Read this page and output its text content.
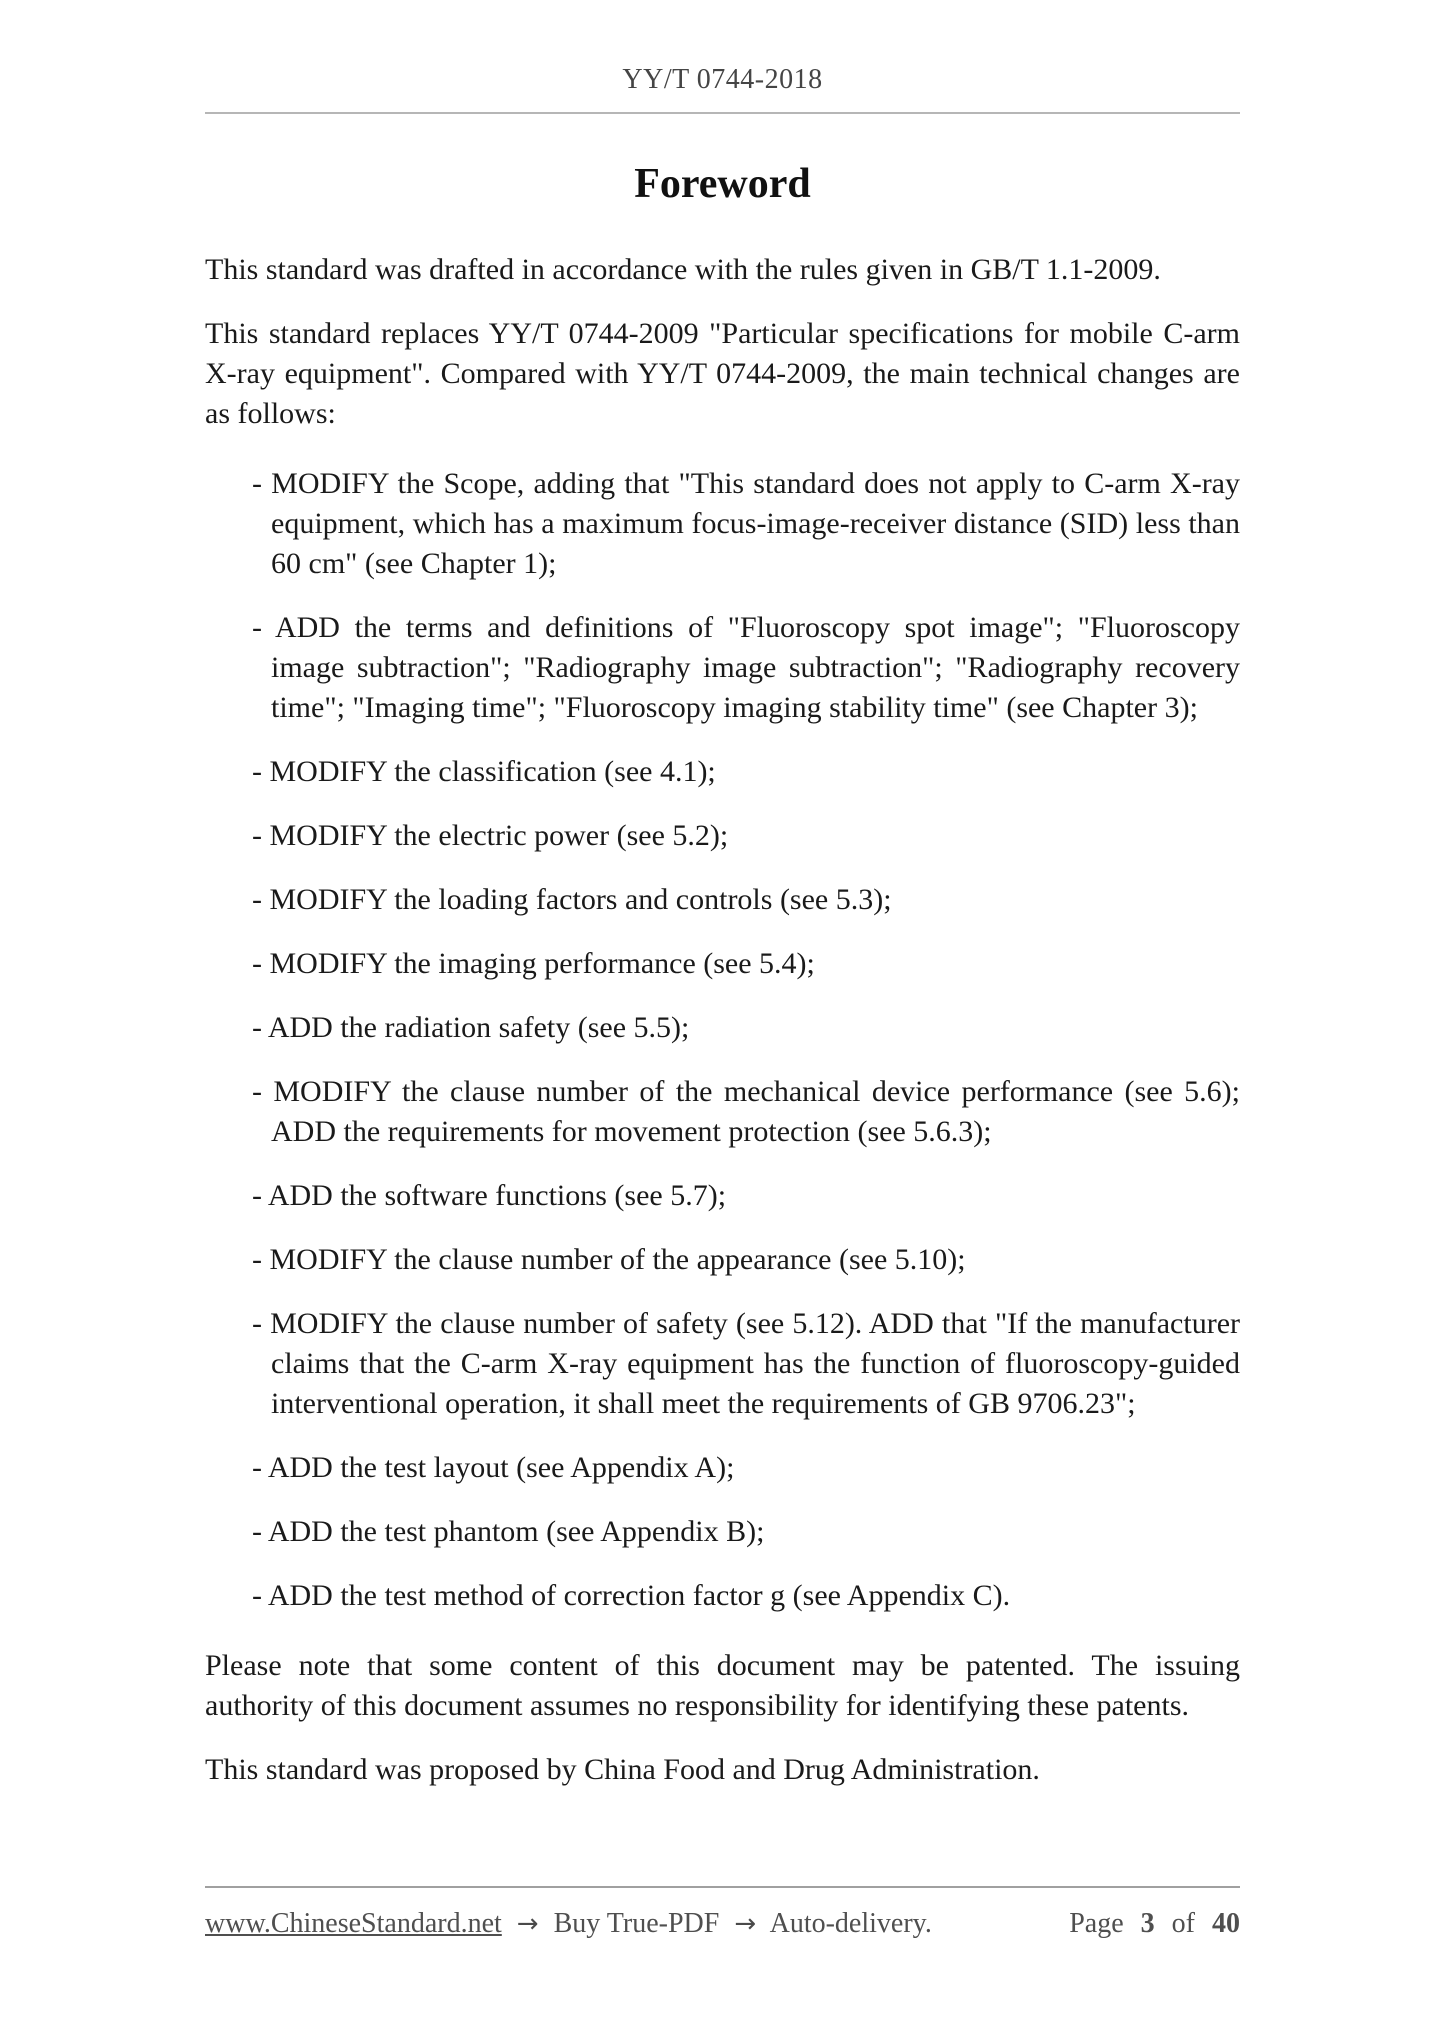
YY/T 0744-2018
Foreword

This standard was drafted in accordance with the rules given in GB/T 1.1-2009.

This standard replaces YY/T 0744-2009 "Particular specifications for mobile C-arm X-ray equipment". Compared with YY/T 0744-2009, the main technical changes are as follows:

- MODIFY the Scope, adding that "This standard does not apply to C-arm X-ray equipment, which has a maximum focus-image-receiver distance (SID) less than 60 cm" (see Chapter 1);

- ADD the terms and definitions of "Fluoroscopy spot image"; "Fluoroscopy image subtraction"; "Radiography image subtraction"; "Radiography recovery time"; "Imaging time"; "Fluoroscopy imaging stability time" (see Chapter 3);

- MODIFY the classification (see 4.1);

- MODIFY the electric power (see 5.2);

- MODIFY the loading factors and controls (see 5.3);

- MODIFY the imaging performance (see 5.4);

- ADD the radiation safety (see 5.5);

- MODIFY the clause number of the mechanical device performance (see 5.6); ADD the requirements for movement protection (see 5.6.3);

- ADD the software functions (see 5.7);

- MODIFY the clause number of the appearance (see 5.10);

- MODIFY the clause number of safety (see 5.12). ADD that "If the manufacturer claims that the C-arm X-ray equipment has the function of fluoroscopy-guided interventional operation, it shall meet the requirements of GB 9706.23";

- ADD the test layout (see Appendix A);

- ADD the test phantom (see Appendix B);

- ADD the test method of correction factor g (see Appendix C).

Please note that some content of this document may be patented. The issuing authority of this document assumes no responsibility for identifying these patents.

This standard was proposed by China Food and Drug Administration.

www.ChineseStandard.net → Buy True-PDF → Auto-delivery.	Page 3 of 40
